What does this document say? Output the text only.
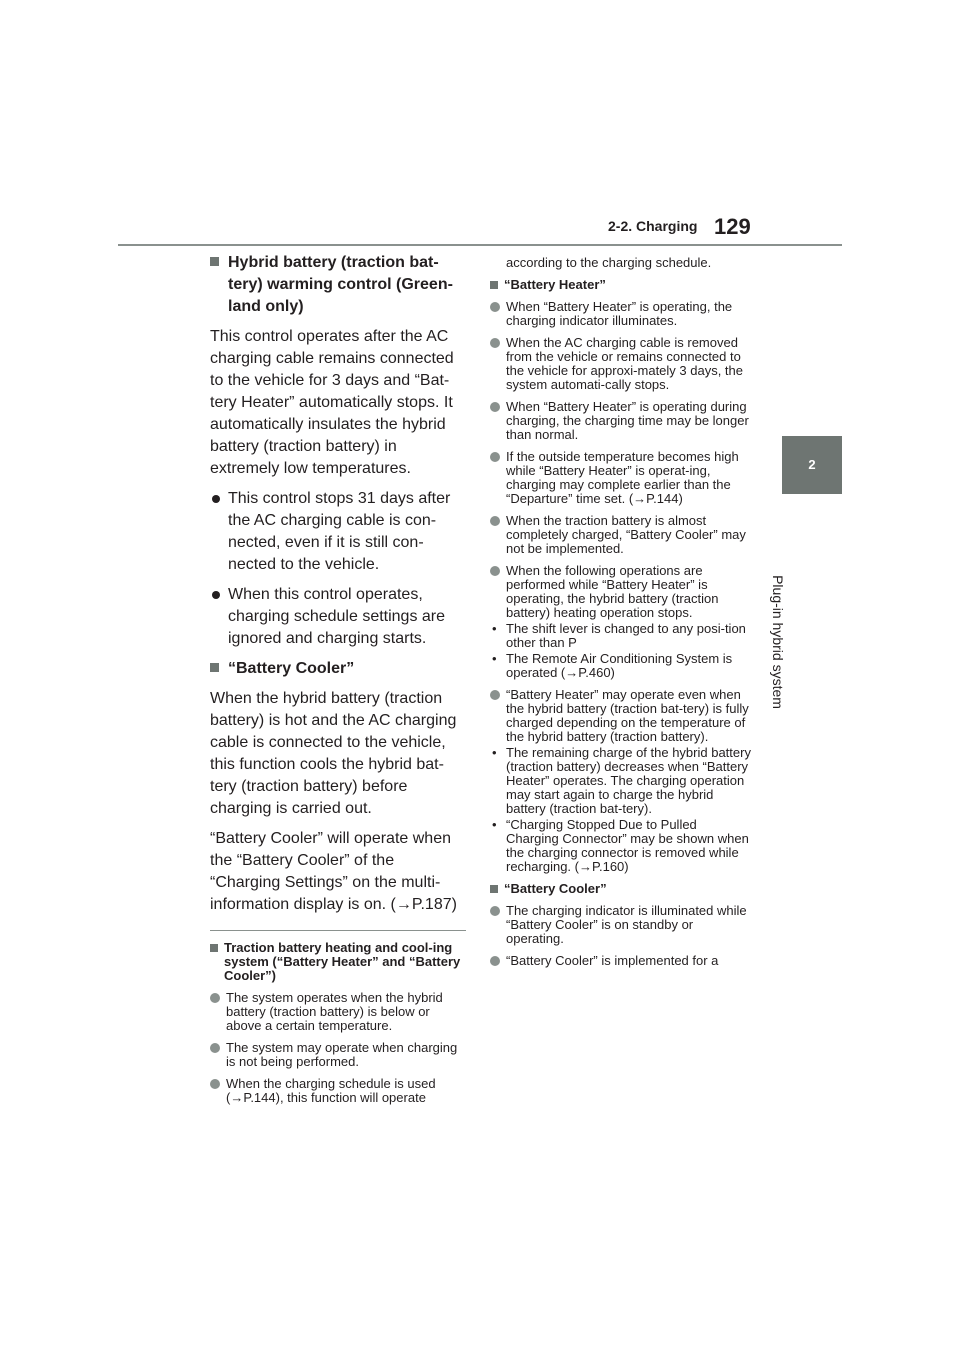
2-2. Charging 129
2
Plug-in hybrid system
Hybrid battery (traction bat-tery) warming control (Green-land only)
This control operates after the AC charging cable remains connected to the vehicle for 3 days and “Bat-tery Heater” automatically stops. It automatically insulates the hybrid battery (traction battery) in extremely low temperatures.
This control stops 31 days after the AC charging cable is con-nected, even if it is still con-nected to the vehicle.
When this control operates, charging schedule settings are ignored and charging starts.
“Battery Cooler”
When the hybrid battery (traction battery) is hot and the AC charging cable is connected to the vehicle, this function cools the hybrid bat-tery (traction battery) before charging is carried out.
“Battery Cooler” will operate when the “Battery Cooler” of the “Charging Settings” on the multi-information display is on. (→P.187)
Traction battery heating and cool-ing system (“Battery Heater” and “Battery Cooler”)
The system operates when the hybrid battery (traction battery) is below or above a certain temperature.
The system may operate when charging is not being performed.
When the charging schedule is used (→P.144), this function will operate
according to the charging schedule.
“Battery Heater”
When “Battery Heater” is operating, the charging indicator illuminates.
When the AC charging cable is removed from the vehicle or remains connected to the vehicle for approxi-mately 3 days, the system automati-cally stops.
When “Battery Heater” is operating during charging, the charging time may be longer than normal.
If the outside temperature becomes high while “Battery Heater” is operat-ing, charging may complete earlier than the “Departure” time set. (→P.144)
When the traction battery is almost completely charged, “Battery Cooler” may not be implemented.
When the following operations are performed while “Battery Heater” is operating, the hybrid battery (traction battery) heating operation stops.
• The shift lever is changed to any posi-tion other than P
• The Remote Air Conditioning System is operated (→P.460)
“Battery Heater” may operate even when the hybrid battery (traction bat-tery) is fully charged depending on the temperature of the hybrid battery (traction battery).
• The remaining charge of the hybrid battery (traction battery) decreases when “Battery Heater” operates. The charging operation may start again to charge the hybrid battery (traction bat-tery).
• “Charging Stopped Due to Pulled Charging Connector” may be shown when the charging connector is removed while recharging. (→P.160)
“Battery Cooler”
The charging indicator is illuminated while “Battery Cooler” is on standby or operating.
“Battery Cooler” is implemented for a
